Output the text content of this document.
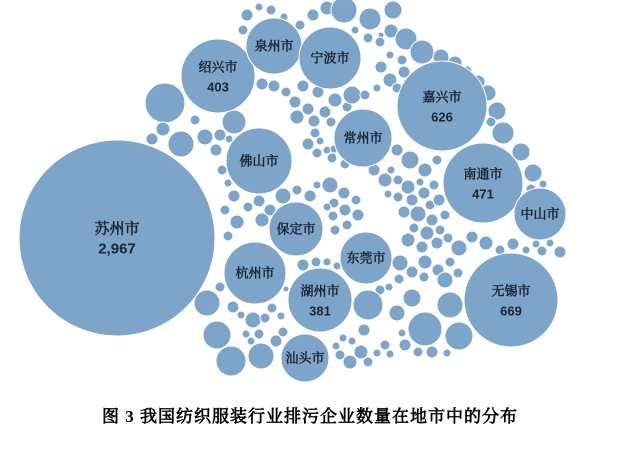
苏州市
2,967
绍兴市
403
泉州市
宁波市
嘉兴市
626
常州市
佛山市
南通市
471
中山市
保定市
东莞市
杭州市
湖州市
381
无锡市
669
汕头市
图 3 我国纺织服装行业排污企业数量在地市中的分布
